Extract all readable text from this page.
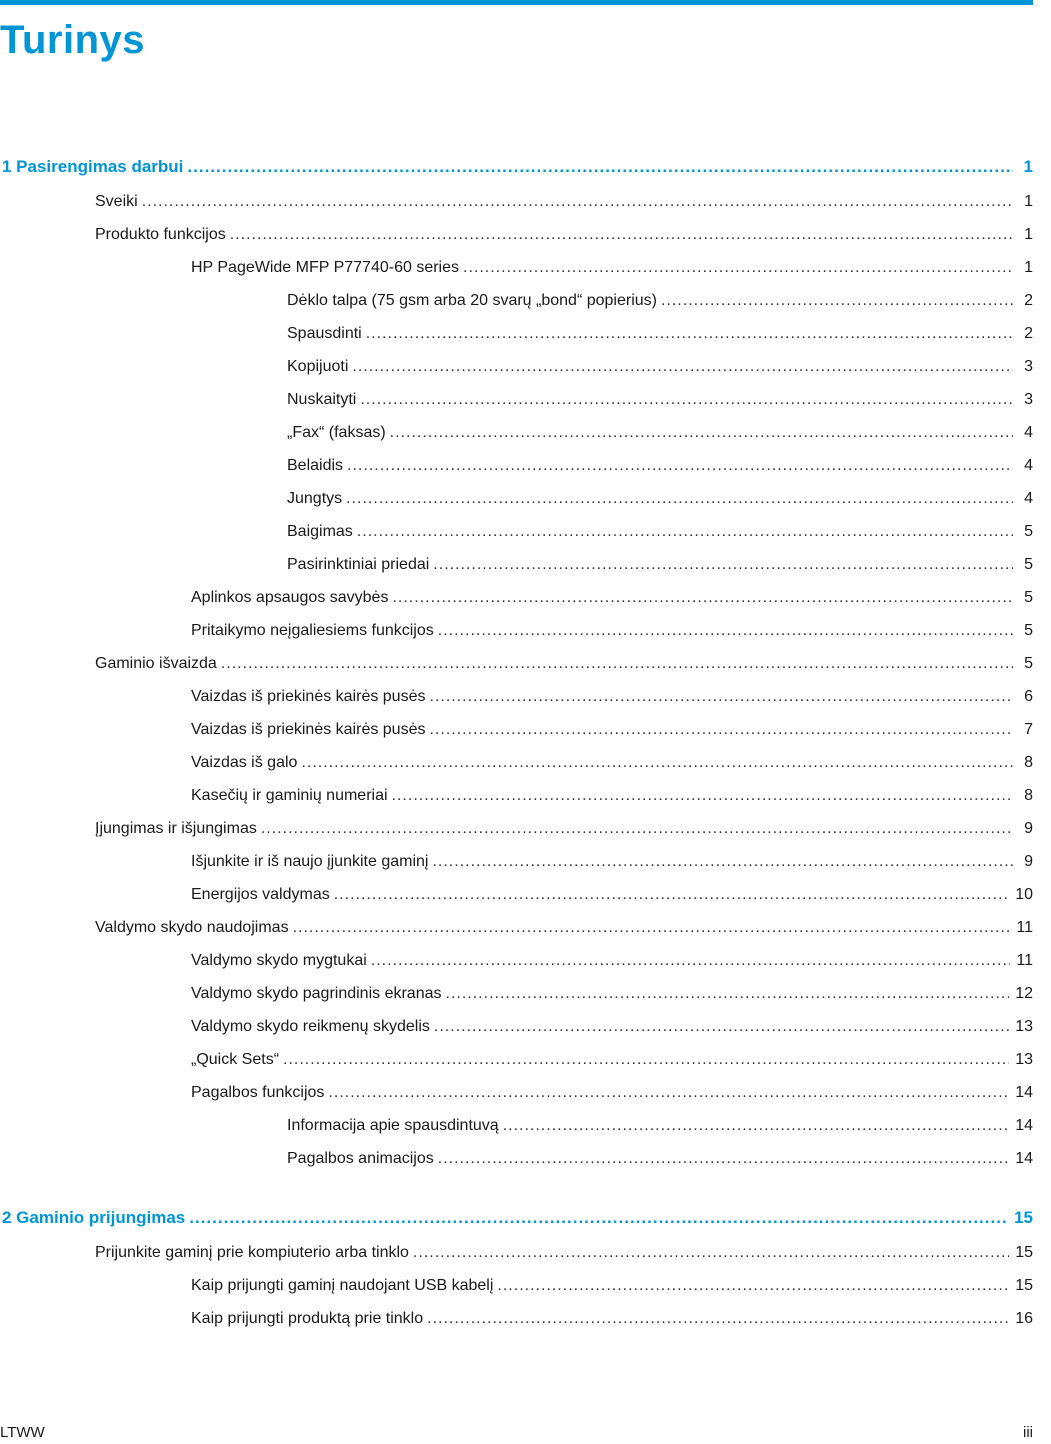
Turinys
1 Pasirengimas darbui .....	1
Sveiki .....	1
Produkto funkcijos .....	1
HP PageWide MFP P77740-60 series .....	1
Dėklo talpa (75 gsm arba 20 svarų „bond“ popierius) .....	2
Spausdinti .....	2
Kopijuoti .....	3
Nuskaityti .....	3
„Fax“ (faksas) .....	4
Belaidis .....	4
Jungtys .....	4
Baigimas .....	5
Pasirinktiniai priedai .....	5
Aplinkos apsaugos savybės .....	5
Pritaikymo neįgaliesiems funkcijos .....	5
Gaminio išvaizda .....	5
Vaizdas iš priekinės kairės pusės .....	6
Vaizdas iš priekinės kairės pusės .....	7
Vaizdas iš galo .....	8
Kasečių ir gaminių numeriai .....	8
Įjungimas ir išjungimas .....	9
Išjunkite ir iš naujo įjunkite gaminį .....	9
Energijos valdymas .....	10
Valdymo skydo naudojimas .....	11
Valdymo skydo mygtukai .....	11
Valdymo skydo pagrindinis ekranas .....	12
Valdymo skydo reikmenų skydelis .....	13
„Quick Sets“ .....	13
Pagalbos funkcijos .....	14
Informacija apie spausdintuvą .....	14
Pagalbos animacijos .....	14
2 Gaminio prijungimas .....	15
Prijunkite gaminį prie kompiuterio arba tinklo .....	15
Kaip prijungti gaminį naudojant USB kabelį .....	15
Kaip prijungti produktą prie tinklo .....	16
LTWW	iii
